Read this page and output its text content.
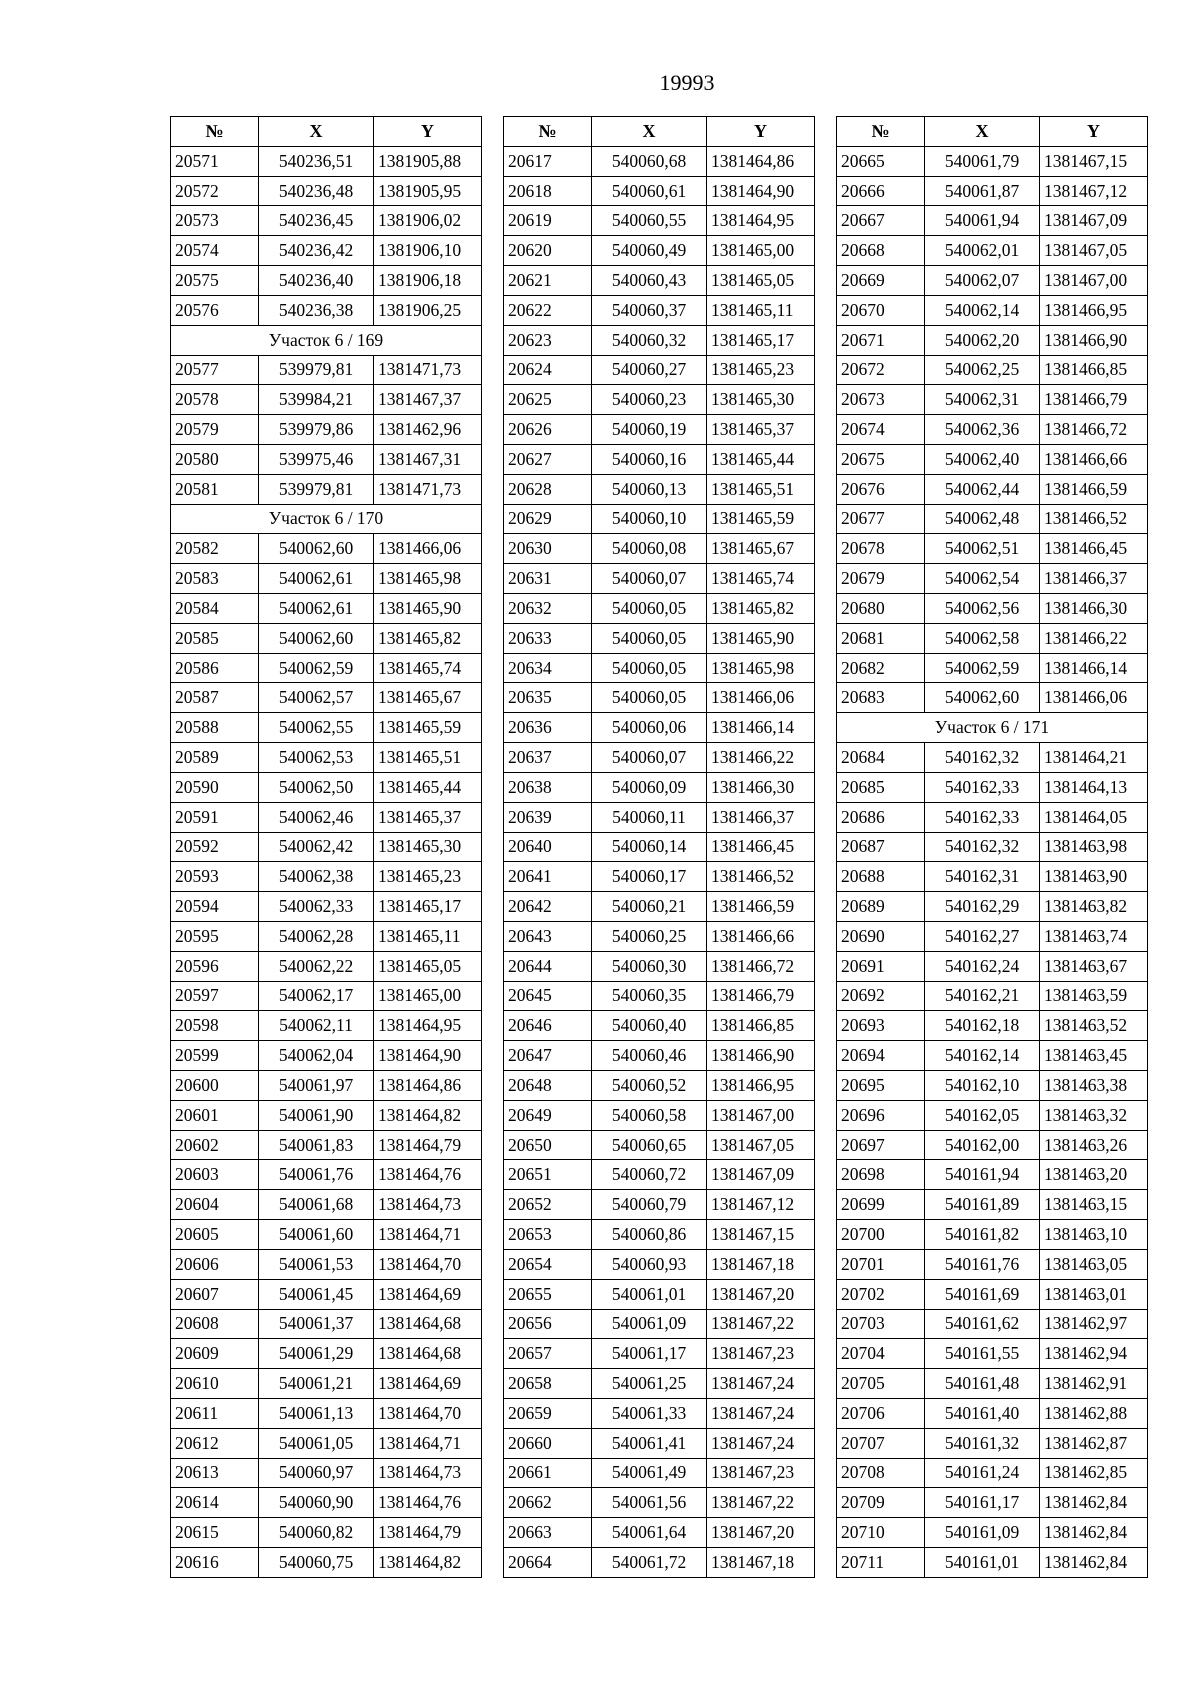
19993
№	X	Y
20571	540236,51	1381905,88
20572	540236,48	1381905,95
20573	540236,45	1381906,02
20574	540236,42	1381906,10
20575	540236,40	1381906,18
20576	540236,38	1381906,25
Участок 6 / 169		
20577	539979,81	1381471,73
20578	539984,21	1381467,37
20579	539979,86	1381462,96
20580	539975,46	1381467,31
20581	539979,81	1381471,73
Участок 6 / 170		
20582	540062,60	1381466,06
20583	540062,61	1381465,98
20584	540062,61	1381465,90
20585	540062,60	1381465,82
20586	540062,59	1381465,74
20587	540062,57	1381465,67
20588	540062,55	1381465,59
20589	540062,53	1381465,51
20590	540062,50	1381465,44
20591	540062,46	1381465,37
20592	540062,42	1381465,30
20593	540062,38	1381465,23
20594	540062,33	1381465,17
20595	540062,28	1381465,11
20596	540062,22	1381465,05
20597	540062,17	1381465,00
20598	540062,11	1381464,95
20599	540062,04	1381464,90
20600	540061,97	1381464,86
20601	540061,90	1381464,82
20602	540061,83	1381464,79
20603	540061,76	1381464,76
20604	540061,68	1381464,73
20605	540061,60	1381464,71
20606	540061,53	1381464,70
20607	540061,45	1381464,69
20608	540061,37	1381464,68
20609	540061,29	1381464,68
20610	540061,21	1381464,69
20611	540061,13	1381464,70
20612	540061,05	1381464,71
20613	540060,97	1381464,73
20614	540060,90	1381464,76
20615	540060,82	1381464,79
20616	540060,75	1381464,82
№	X	Y
20617	540060,68	1381464,86
20618	540060,61	1381464,90
20619	540060,55	1381464,95
20620	540060,49	1381465,00
20621	540060,43	1381465,05
20622	540060,37	1381465,11
20623	540060,32	1381465,17
20624	540060,27	1381465,23
20625	540060,23	1381465,30
20626	540060,19	1381465,37
20627	540060,16	1381465,44
20628	540060,13	1381465,51
20629	540060,10	1381465,59
20630	540060,08	1381465,67
20631	540060,07	1381465,74
20632	540060,05	1381465,82
20633	540060,05	1381465,90
20634	540060,05	1381465,98
20635	540060,05	1381466,06
20636	540060,06	1381466,14
20637	540060,07	1381466,22
20638	540060,09	1381466,30
20639	540060,11	1381466,37
20640	540060,14	1381466,45
20641	540060,17	1381466,52
20642	540060,21	1381466,59
20643	540060,25	1381466,66
20644	540060,30	1381466,72
20645	540060,35	1381466,79
20646	540060,40	1381466,85
20647	540060,46	1381466,90
20648	540060,52	1381466,95
20649	540060,58	1381467,00
20650	540060,65	1381467,05
20651	540060,72	1381467,09
20652	540060,79	1381467,12
20653	540060,86	1381467,15
20654	540060,93	1381467,18
20655	540061,01	1381467,20
20656	540061,09	1381467,22
20657	540061,17	1381467,23
20658	540061,25	1381467,24
20659	540061,33	1381467,24
20660	540061,41	1381467,24
20661	540061,49	1381467,23
20662	540061,56	1381467,22
20663	540061,64	1381467,20
20664	540061,72	1381467,18
№	X	Y
20665	540061,79	1381467,15
20666	540061,87	1381467,12
20667	540061,94	1381467,09
20668	540062,01	1381467,05
20669	540062,07	1381467,00
20670	540062,14	1381466,95
20671	540062,20	1381466,90
20672	540062,25	1381466,85
20673	540062,31	1381466,79
20674	540062,36	1381466,72
20675	540062,40	1381466,66
20676	540062,44	1381466,59
20677	540062,48	1381466,52
20678	540062,51	1381466,45
20679	540062,54	1381466,37
20680	540062,56	1381466,30
20681	540062,58	1381466,22
20682	540062,59	1381466,14
20683	540062,60	1381466,06
Участок 6 / 171		
20684	540162,32	1381464,21
20685	540162,33	1381464,13
20686	540162,33	1381464,05
20687	540162,32	1381463,98
20688	540162,31	1381463,90
20689	540162,29	1381463,82
20690	540162,27	1381463,74
20691	540162,24	1381463,67
20692	540162,21	1381463,59
20693	540162,18	1381463,52
20694	540162,14	1381463,45
20695	540162,10	1381463,38
20696	540162,05	1381463,32
20697	540162,00	1381463,26
20698	540161,94	1381463,20
20699	540161,89	1381463,15
20700	540161,82	1381463,10
20701	540161,76	1381463,05
20702	540161,69	1381463,01
20703	540161,62	1381462,97
20704	540161,55	1381462,94
20705	540161,48	1381462,91
20706	540161,40	1381462,88
20707	540161,32	1381462,87
20708	540161,24	1381462,85
20709	540161,17	1381462,84
20710	540161,09	1381462,84
20711	540161,01	1381462,84
